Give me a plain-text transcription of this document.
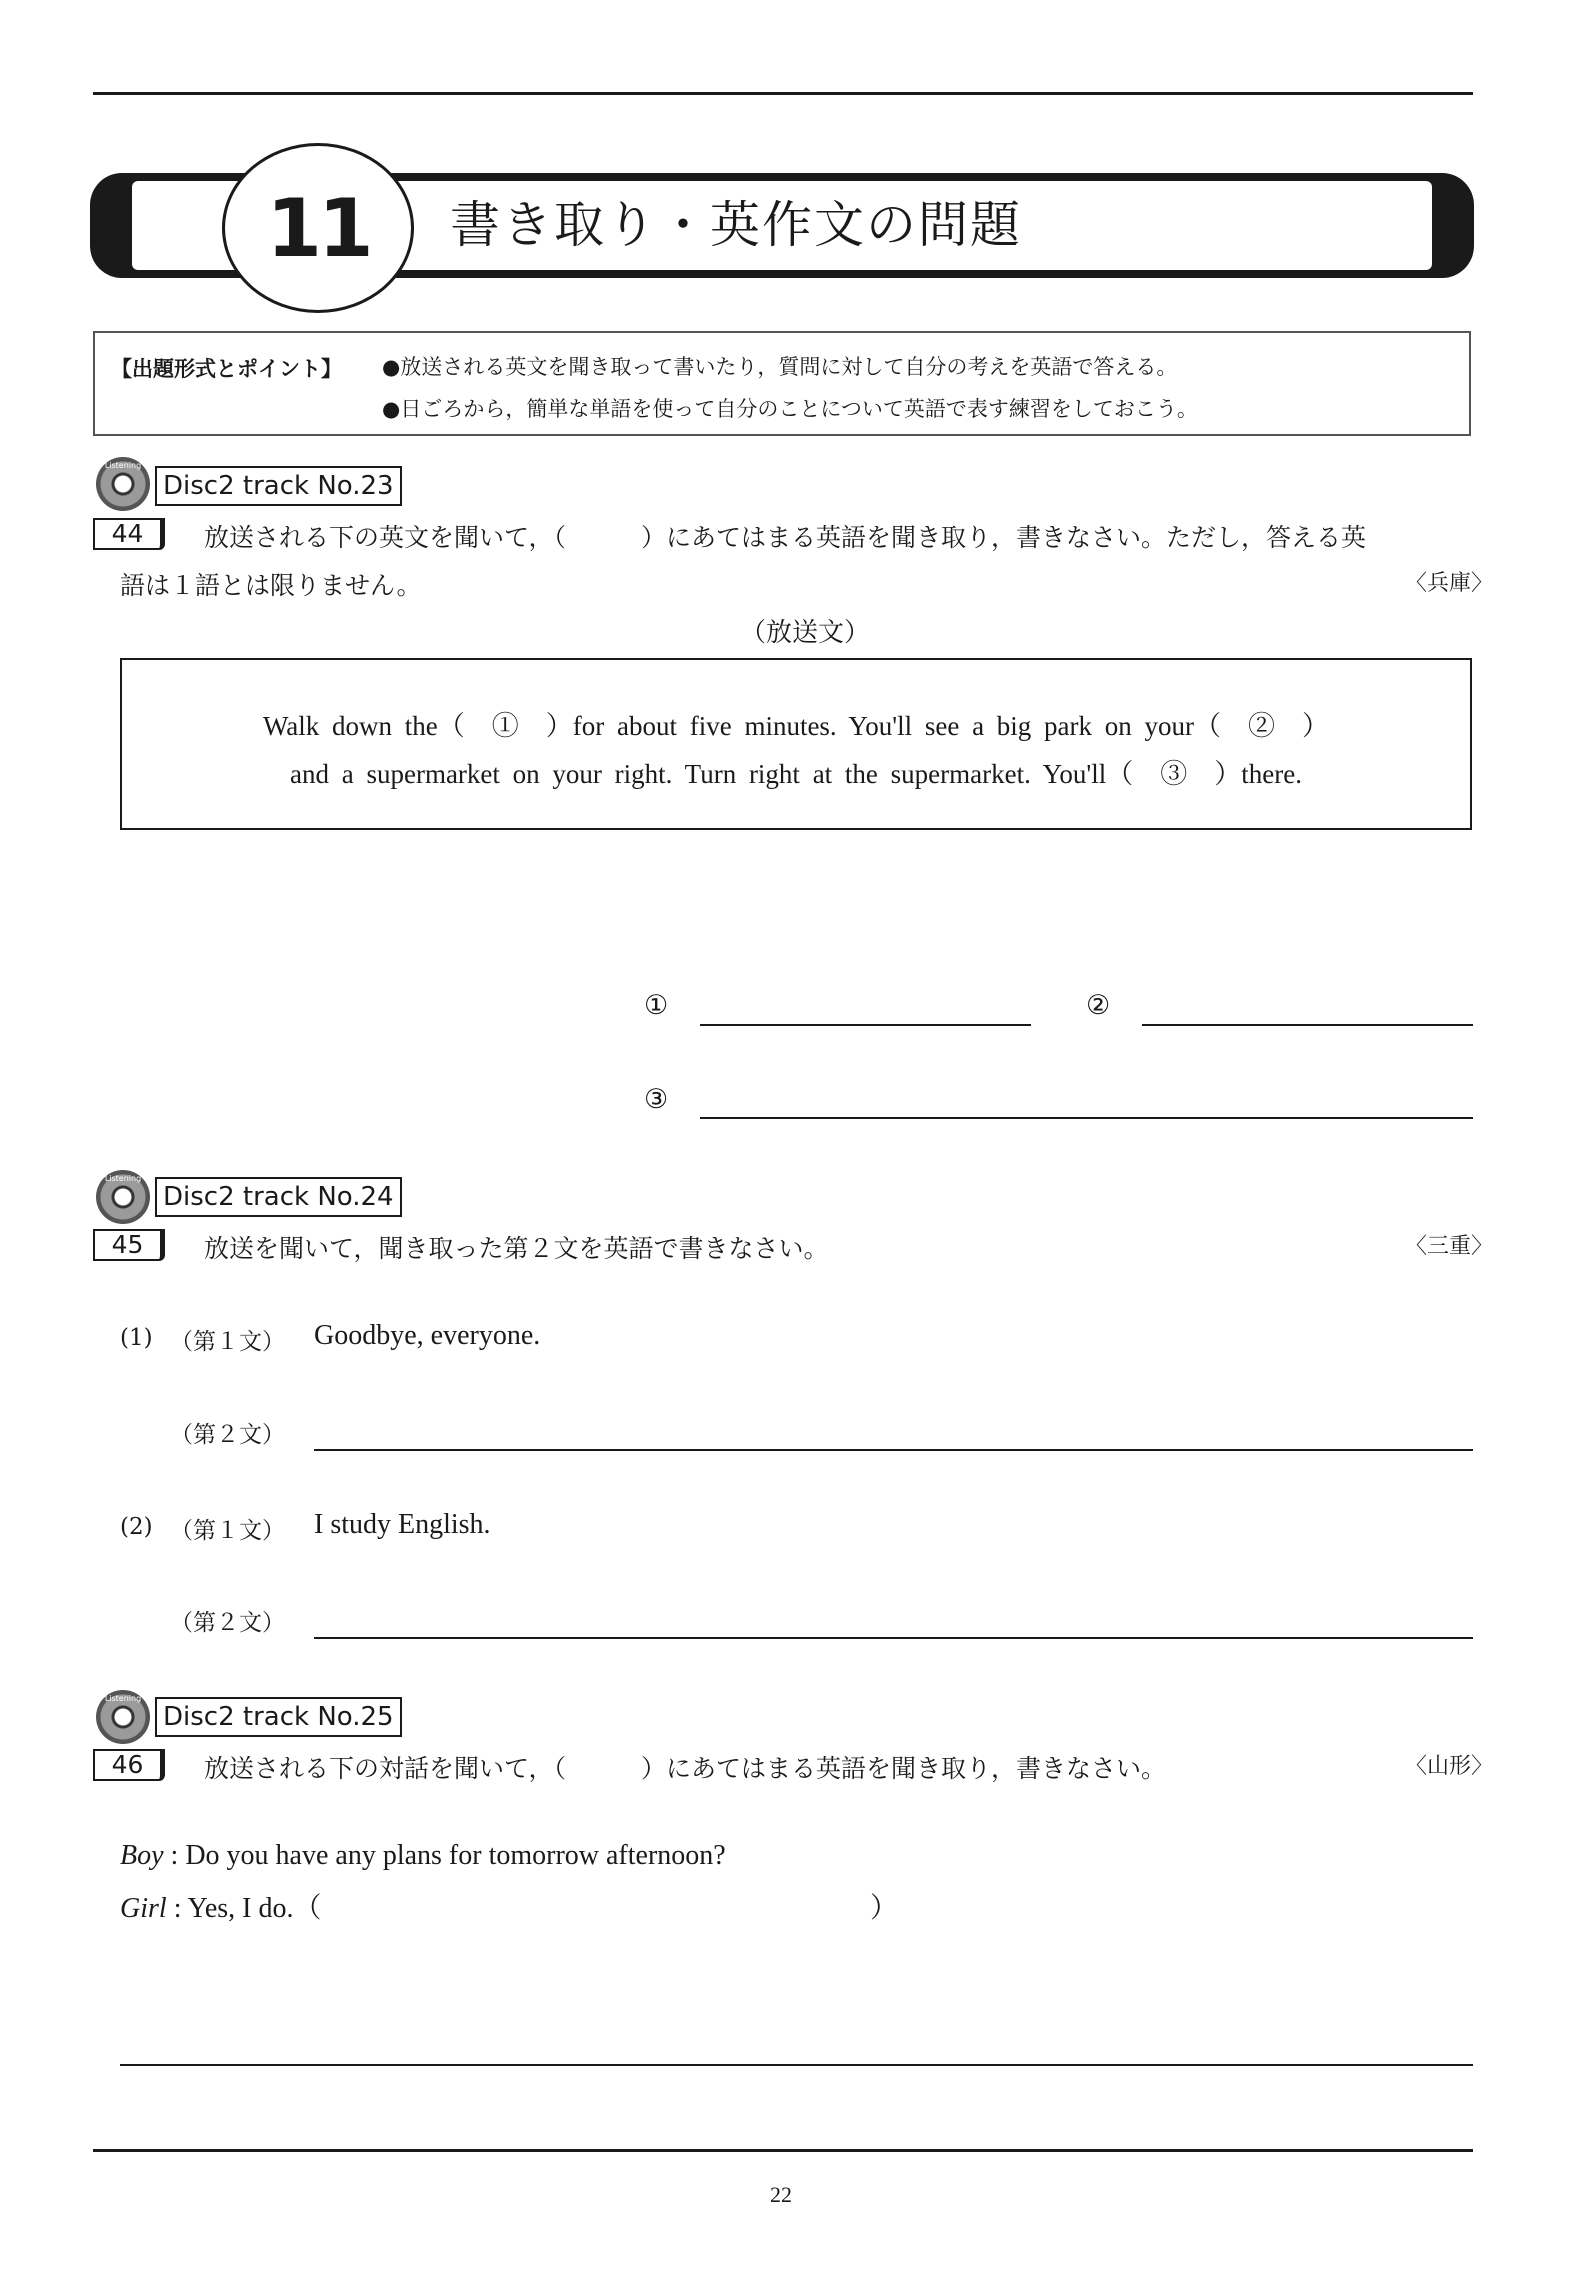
11	書き取り・英作文の問題
【出題形式とポイント】 ●放送される英文を聞き取って書いたり，質問に対して自分の考えを英語で答える。
●日ごろから，簡単な単語を使って自分のことについて英語で表す練習をしておこう。
Listening
Disc2 track No.23
44	放送される下の英文を聞いて，（　　　）にあてはまる英語を聞き取り，書きなさい。ただし，答える英
語は１語とは限りません。	〈兵庫〉
（放送文）
Walk down the（　①　）for about five minutes. You'll see a big park on your（　②　）
and a supermarket on your right. Turn right at the supermarket. You'll（　③　）there.
①	②
③
Listening
Disc2 track No.24
45	放送を聞いて，聞き取った第２文を英語で書きなさい。	〈三重〉
(1) （第１文） Goodbye, everyone.
（第２文）
(2) （第１文） I study English.
（第２文）
Listening
Disc2 track No.25
46	放送される下の対話を聞いて，（　　　）にあてはまる英語を聞き取り，書きなさい。	〈山形〉
Boy : Do you have any plans for tomorrow afternoon?
Girl : Yes, I do.（	）
22
